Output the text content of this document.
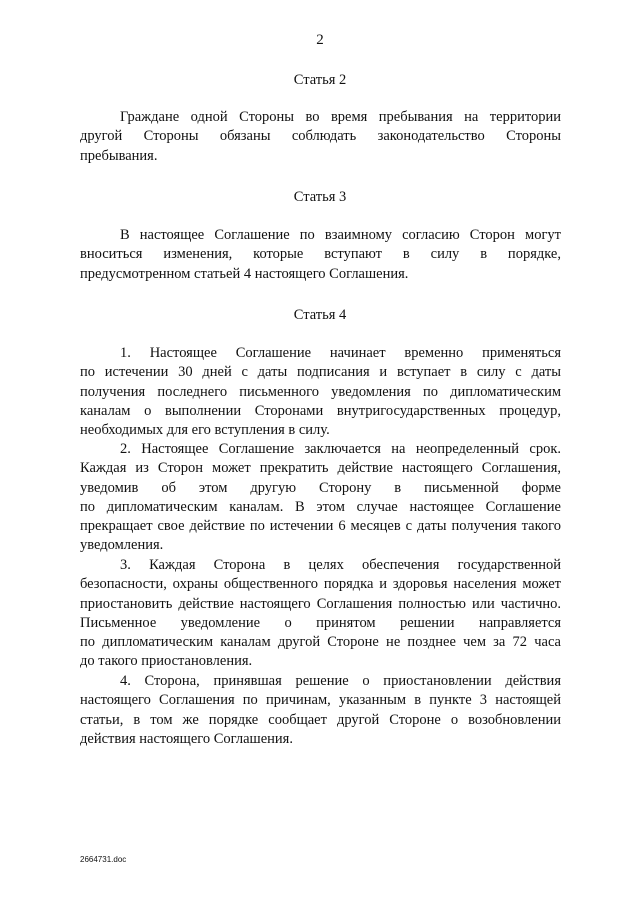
2
Статья 2
Граждане одной Стороны во время пребывания на территории
другой Стороны обязаны соблюдать законодательство Стороны
пребывания.
Статья 3
В настоящее Соглашение по взаимному согласию Сторон могут
вноситься изменения, которые вступают в силу в порядке,
предусмотренном статьей 4 настоящего Соглашения.
Статья 4
1. Настоящее Соглашение начинает временно применяться
по истечении 30 дней с даты подписания и вступает в силу с даты
получения последнего письменного уведомления по дипломатическим
каналам о выполнении Сторонами внутригосударственных процедур,
необходимых для его вступления в силу.
2. Настоящее Соглашение заключается на неопределенный срок.
Каждая из Сторон может прекратить действие настоящего Соглашения,
уведомив об этом другую Сторону в письменной форме
по дипломатическим каналам. В этом случае настоящее Соглашение
прекращает свое действие по истечении 6 месяцев с даты получения такого
уведомления.
3. Каждая Сторона в целях обеспечения государственной
безопасности, охраны общественного порядка и здоровья населения может
приостановить действие настоящего Соглашения полностью или частично.
Письменное уведомление о принятом решении направляется
по дипломатическим каналам другой Стороне не позднее чем за 72 часа
до такого приостановления.
4. Сторона, принявшая решение о приостановлении действия
настоящего Соглашения по причинам, указанным в пункте 3 настоящей
статьи, в том же порядке сообщает другой Стороне о возобновлении
действия настоящего Соглашения.
2664731.doc
